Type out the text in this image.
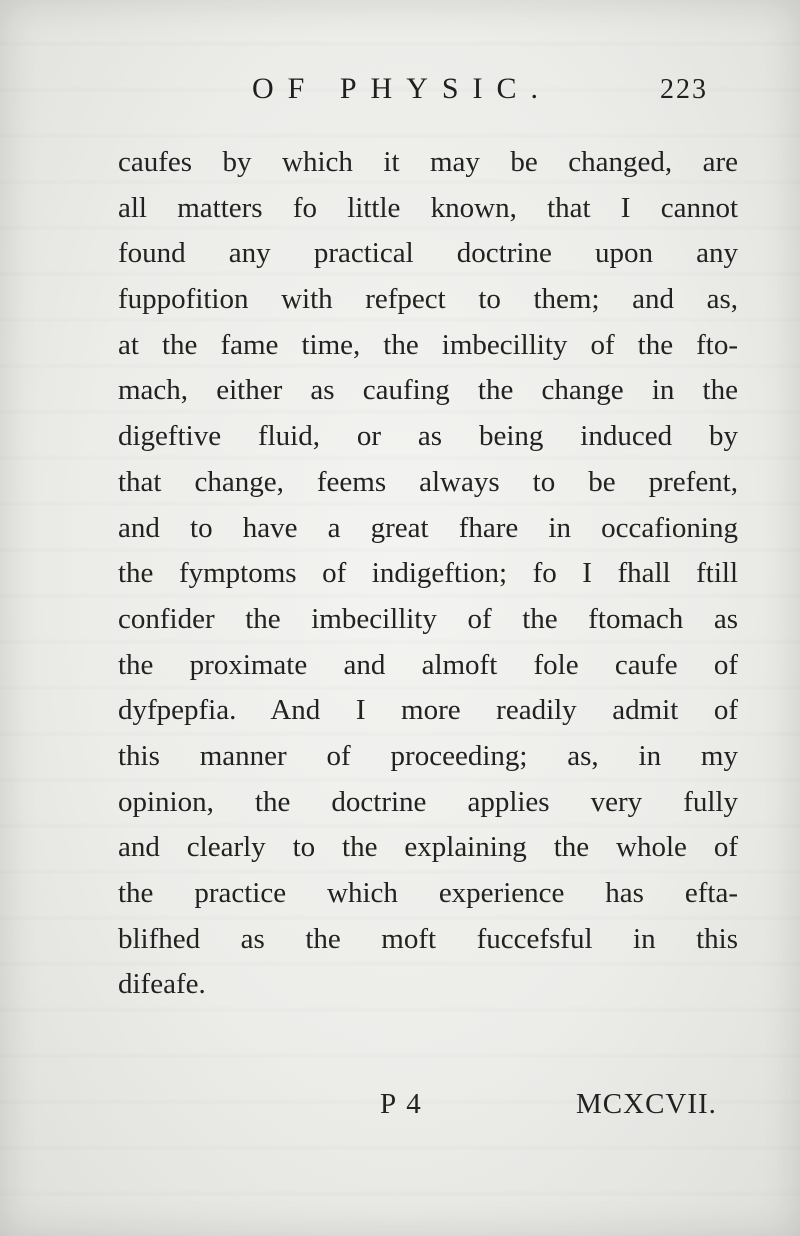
OF PHYSIC.	223
caufes by which it may be changed, are
all matters fo little known, that I cannot
found any practical doctrine upon any
fuppofition with refpect to them; and as,
at the fame time, the imbecillity of the fto-
mach, either as caufing the change in the
digeftive fluid, or as being induced by
that change, feems always to be prefent,
and to have a great fhare in occafioning
the fymptoms of indigeftion; fo I fhall ftill
confider the imbecillity of the ftomach as
the proximate and almoft fole caufe of
dyfpepfia. And I more readily admit of
this manner of proceeding; as, in my
opinion, the doctrine applies very fully
and clearly to the explaining the whole of
the practice which experience has efta-
blifhed as the moft fuccefsful in this
difeafe.
P 4	MCXCVII.
